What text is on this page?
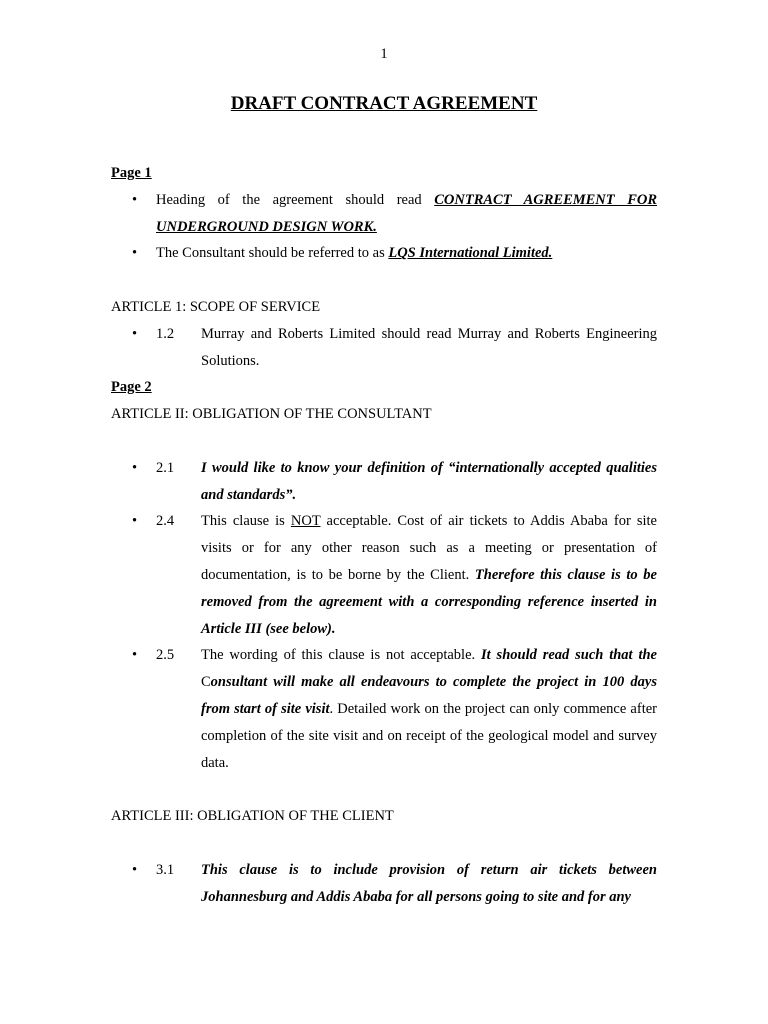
1
DRAFT CONTRACT AGREEMENT

Page 1

• Heading of the agreement should read CONTRACT AGREEMENT FOR UNDERGROUND DESIGN WORK.

• The Consultant should be referred to as LQS International Limited.

ARTICLE 1: SCOPE OF SERVICE

• 1.2 Murray and Roberts Limited should read Murray and Roberts Engineering Solutions.

Page 2

ARTICLE II: OBLIGATION OF THE CONSULTANT

• 2.1 I would like to know your definition of “internationally accepted qualities and standards”.

• 2.4 This clause is NOT acceptable. Cost of air tickets to Addis Ababa for site visits or for any other reason such as a meeting or presentation of documentation, is to be borne by the Client. Therefore this clause is to be removed from the agreement with a corresponding reference inserted in Article III (see below).

• 2.5 The wording of this clause is not acceptable. It should read such that the Consultant will make all endeavours to complete the project in 100 days from start of site visit. Detailed work on the project can only commence after completion of the site visit and on receipt of the geological model and survey data.

ARTICLE III: OBLIGATION OF THE CLIENT

• 3.1 This clause is to include provision of return air tickets between Johannesburg and Addis Ababa for all persons going to site and for any
